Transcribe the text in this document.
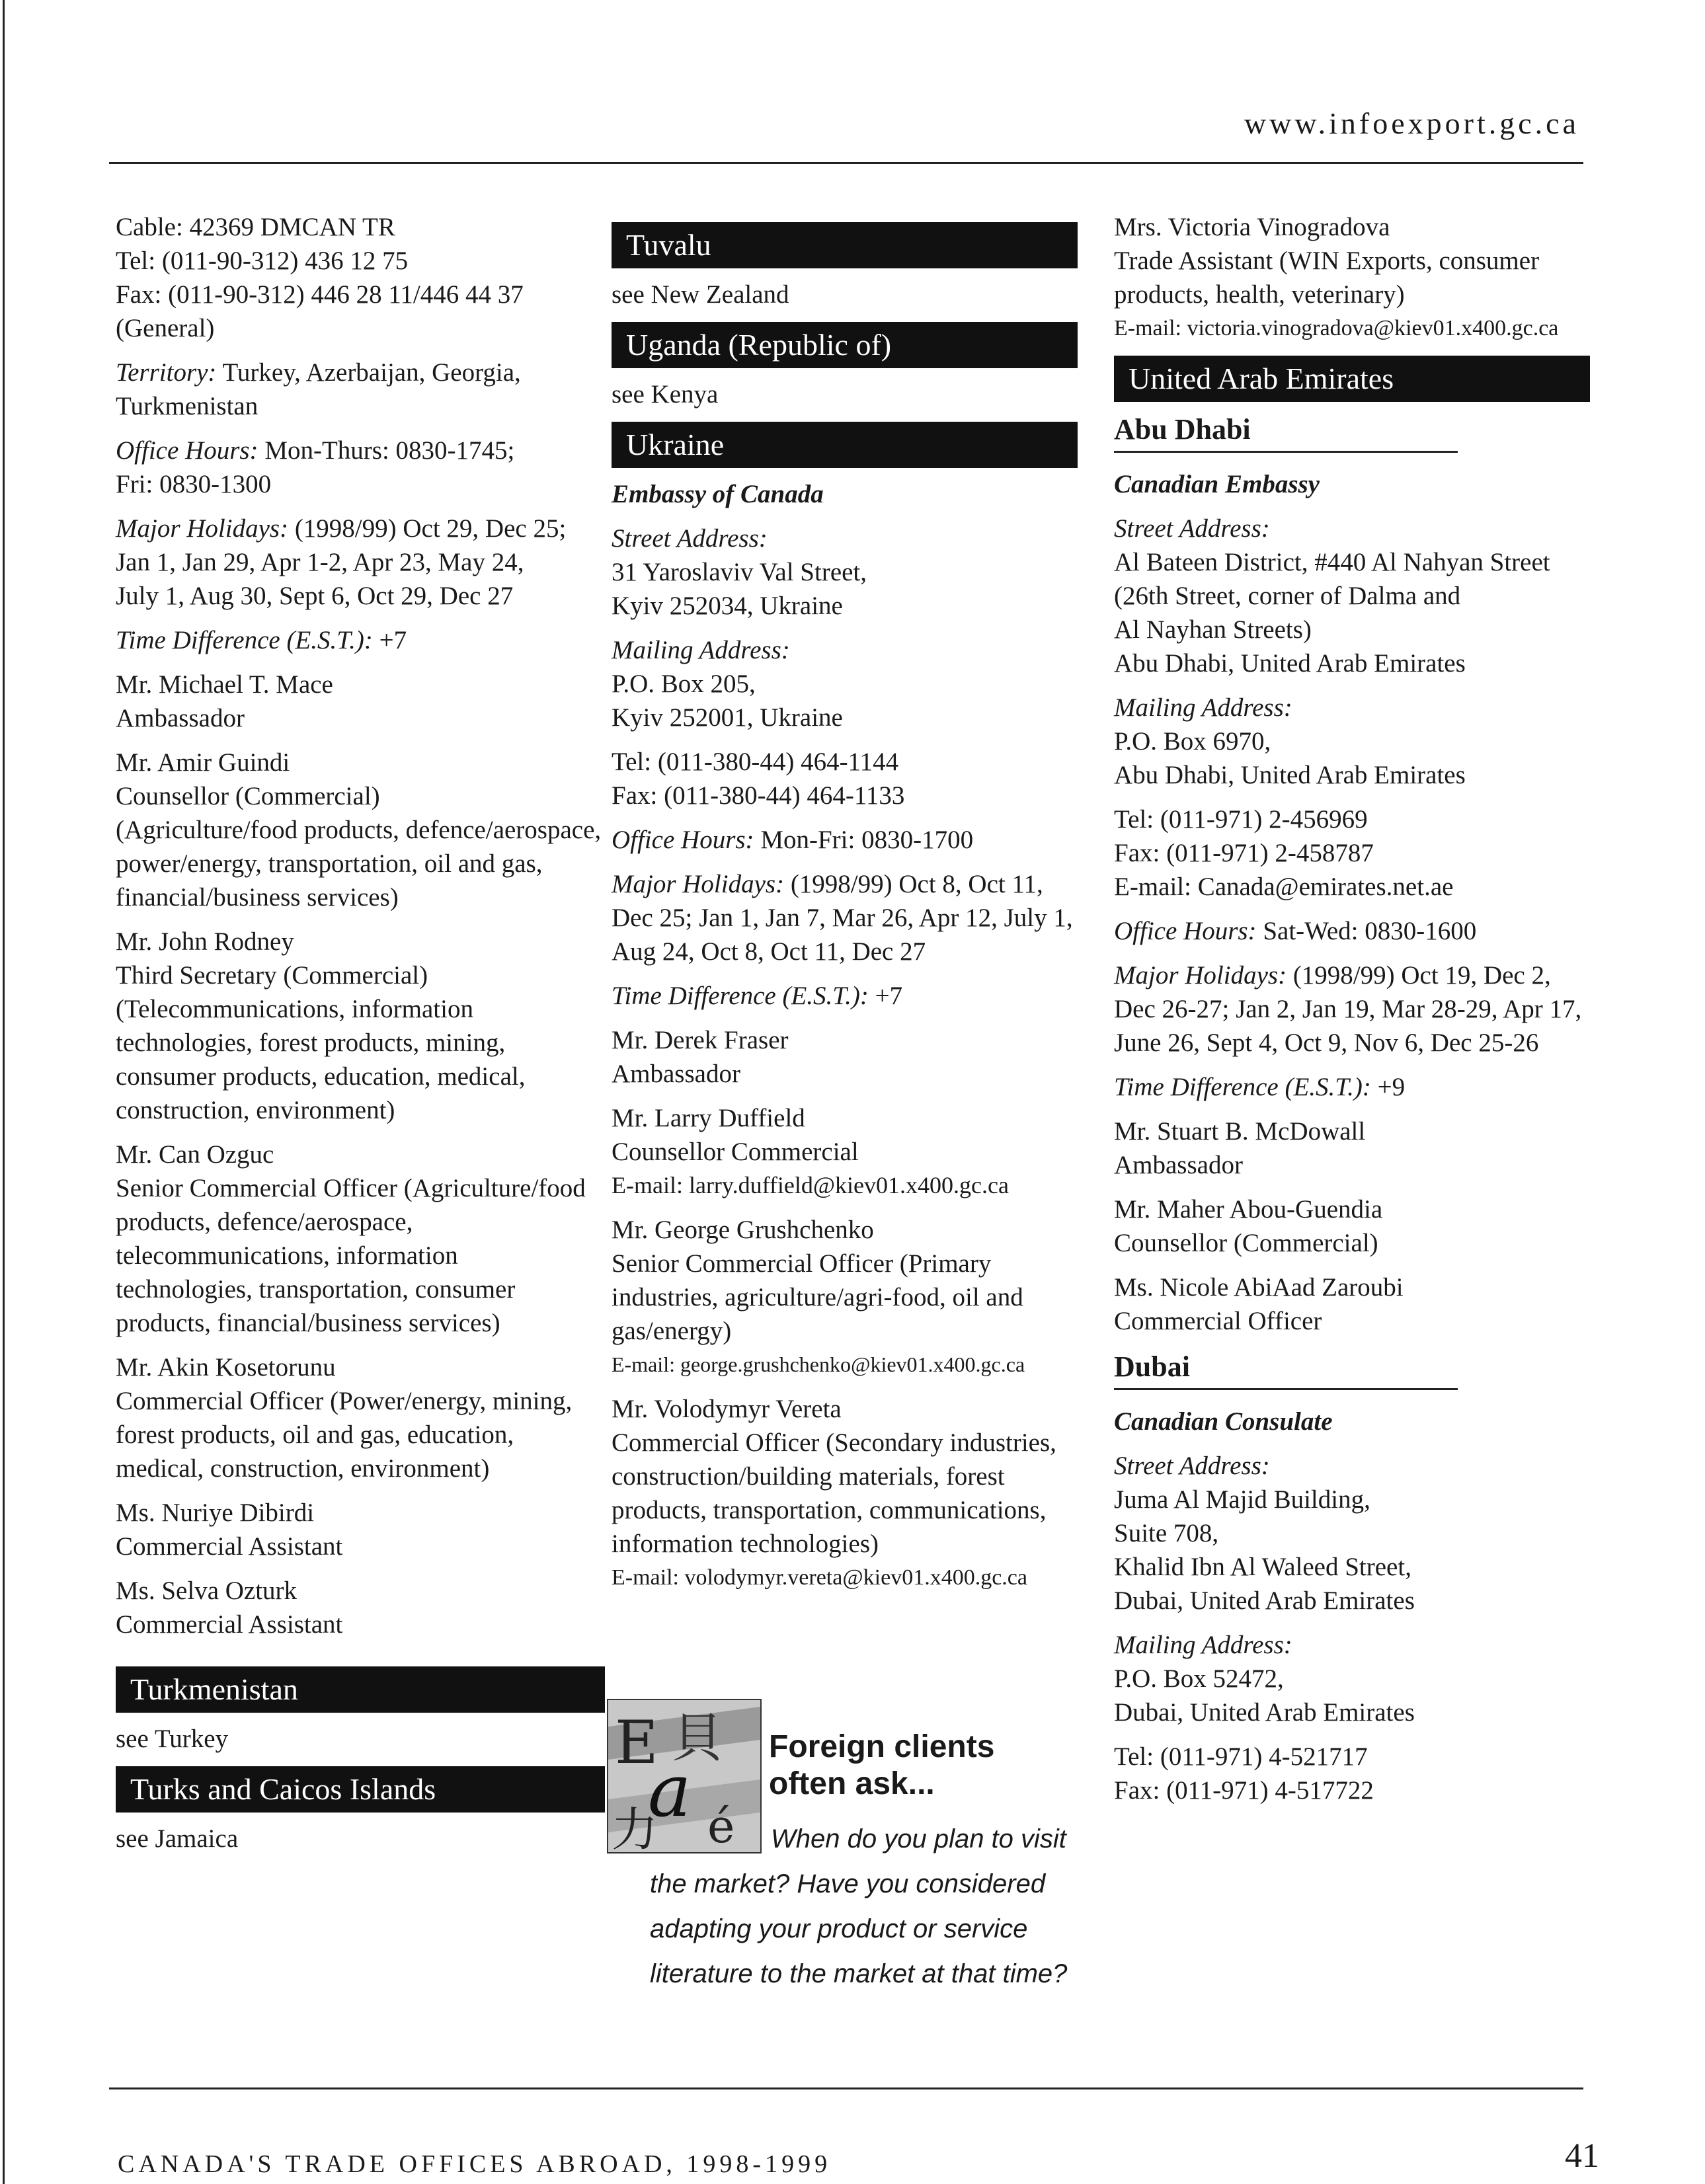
www.infoexport.gc.ca
Cable: 42369 DMCAN TR
Tel: (011-90-312) 436 12 75
Fax: (011-90-312) 446 28 11/446 44 37
(General)
Territory: Turkey, Azerbaijan, Georgia,
Turkmenistan
Office Hours: Mon-Thurs: 0830-1745;
Fri: 0830-1300
Major Holidays: (1998/99) Oct 29, Dec 25;
Jan 1, Jan 29, Apr 1-2, Apr 23, May 24,
July 1, Aug 30, Sept 6, Oct 29, Dec 27
Time Difference (E.S.T.): +7
Mr. Michael T. Mace
Ambassador
Mr. Amir Guindi
Counsellor (Commercial)
(Agriculture/food products, defence/aerospace,
power/energy, transportation, oil and gas,
financial/business services)
Mr. John Rodney
Third Secretary (Commercial)
(Telecommunications, information
technologies, forest products, mining,
consumer products, education, medical,
construction, environment)
Mr. Can Ozguc
Senior Commercial Officer (Agriculture/food
products, defence/aerospace,
telecommunications, information
technologies, transportation, consumer
products, financial/business services)
Mr. Akin Kosetorunu
Commercial Officer (Power/energy, mining,
forest products, oil and gas, education,
medical, construction, environment)
Ms. Nuriye Dibirdi
Commercial Assistant
Ms. Selva Ozturk
Commercial Assistant
Turkmenistan
see Turkey
Turks and Caicos Islands
see Jamaica
Tuvalu
see New Zealand
Uganda (Republic of)
see Kenya
Ukraine
Embassy of Canada
Street Address:
31 Yaroslaviv Val Street,
Kyiv 252034, Ukraine
Mailing Address:
P.O. Box 205,
Kyiv 252001, Ukraine
Tel: (011-380-44) 464-1144
Fax: (011-380-44) 464-1133
Office Hours: Mon-Fri: 0830-1700
Major Holidays: (1998/99) Oct 8, Oct 11,
Dec 25; Jan 1, Jan 7, Mar 26, Apr 12, July 1,
Aug 24, Oct 8, Oct 11, Dec 27
Time Difference (E.S.T.): +7
Mr. Derek Fraser
Ambassador
Mr. Larry Duffield
Counsellor Commercial
E-mail: larry.duffield@kiev01.x400.gc.ca
Mr. George Grushchenko
Senior Commercial Officer (Primary
industries, agriculture/agri-food, oil and
gas/energy)
E-mail: george.grushchenko@kiev01.x400.gc.ca
Mr. Volodymyr Vereta
Commercial Officer (Secondary industries,
construction/building materials, forest
products, transportation, communications,
information technologies)
E-mail: volodymyr.vereta@kiev01.x400.gc.ca
E 貝
a
力 é
Foreign clients
often ask...
When do you plan to visit
the market? Have you considered
adapting your product or service
literature to the market at that time?
Mrs. Victoria Vinogradova
Trade Assistant (WIN Exports, consumer
products, health, veterinary)
E-mail: victoria.vinogradova@kiev01.x400.gc.ca
United Arab Emirates
Abu Dhabi
Canadian Embassy
Street Address:
Al Bateen District, #440 Al Nahyan Street
(26th Street, corner of Dalma and
Al Nayhan Streets)
Abu Dhabi, United Arab Emirates
Mailing Address:
P.O. Box 6970,
Abu Dhabi, United Arab Emirates
Tel: (011-971) 2-456969
Fax: (011-971) 2-458787
E-mail: Canada@emirates.net.ae
Office Hours: Sat-Wed: 0830-1600
Major Holidays: (1998/99) Oct 19, Dec 2,
Dec 26-27; Jan 2, Jan 19, Mar 28-29, Apr 17,
June 26, Sept 4, Oct 9, Nov 6, Dec 25-26
Time Difference (E.S.T.): +9
Mr. Stuart B. McDowall
Ambassador
Mr. Maher Abou-Guendia
Counsellor (Commercial)
Ms. Nicole AbiAad Zaroubi
Commercial Officer
Dubai
Canadian Consulate
Street Address:
Juma Al Majid Building,
Suite 708,
Khalid Ibn Al Waleed Street,
Dubai, United Arab Emirates
Mailing Address:
P.O. Box 52472,
Dubai, United Arab Emirates
Tel: (011-971) 4-521717
Fax: (011-971) 4-517722
CANADA'S TRADE OFFICES ABROAD, 1998-1999	41
